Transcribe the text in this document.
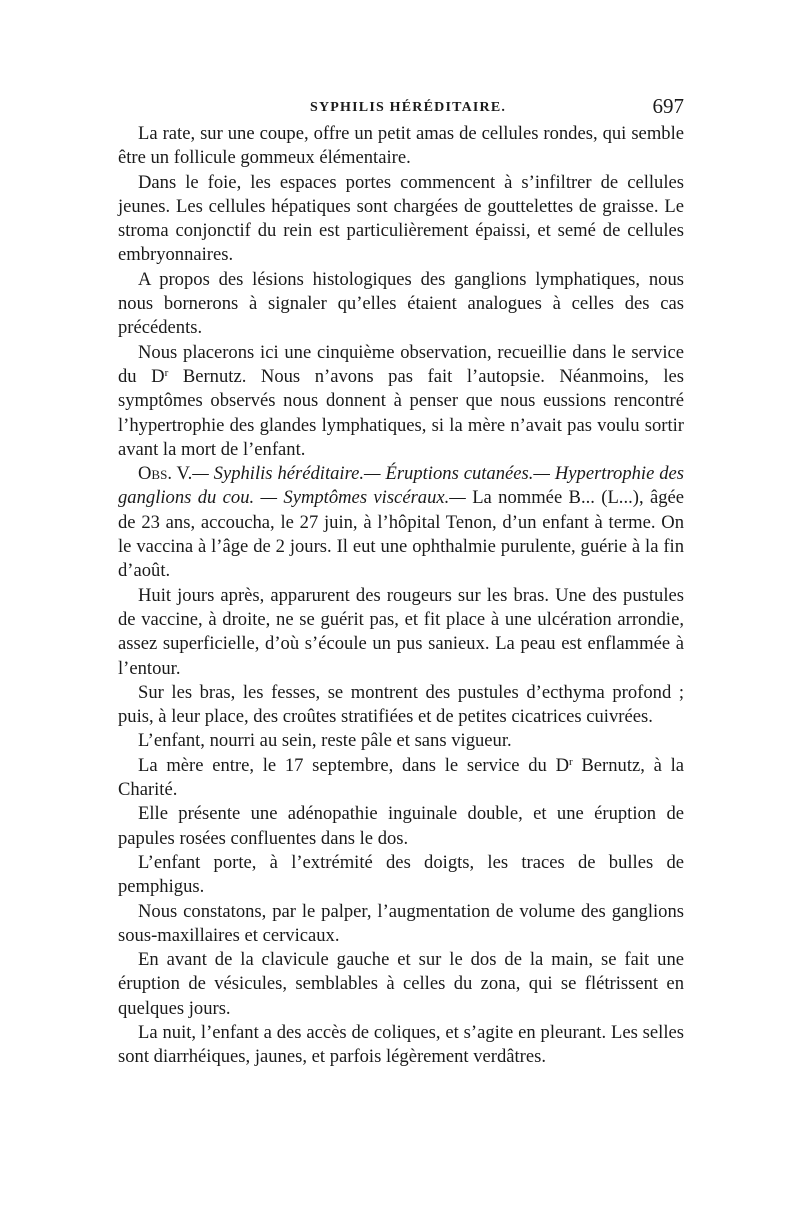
SYPHILIS HÉRÉDITAIRE.	697

La rate, sur une coupe, offre un petit amas de cellules rondes, qui semble être un follicule gommeux élémentaire.

Dans le foie, les espaces portes commencent à s’infiltrer de cellules jeunes. Les cellules hépatiques sont chargées de gouttelettes de graisse. Le stroma conjonctif du rein est particulièrement épaissi, et semé de cellules embryonnaires.

A propos des lésions histologiques des ganglions lymphatiques, nous nous bornerons à signaler qu’elles étaient analogues à celles des cas précédents.

Nous placerons ici une cinquième observation, recueillie dans le service du $D^r$ Bernutz. Nous n’avons pas fait l’autopsie. Néanmoins, les symptômes observés nous donnent à penser que nous eussions rencontré l’hypertrophie des glandes lymphatiques, si la mère n’avait pas voulu sortir avant la mort de l’enfant.

Obs. V.— Syphilis héréditaire.— Éruptions cutanées.— Hypertrophie des ganglions du cou. — Symptômes viscéraux.— La nommée B... (L...), âgée de 23 ans, accoucha, le 27 juin, à l’hôpital Tenon, d’un enfant à terme. On le vaccina à l’âge de 2 jours. Il eut une ophthalmie purulente, guérie à la fin d’août.

Huit jours après, apparurent des rougeurs sur les bras. Une des pustules de vaccine, à droite, ne se guérit pas, et fit place à une ulcération arrondie, assez superficielle, d’où s’écoule un pus sanieux. La peau est enflammée à l’entour.

Sur les bras, les fesses, se montrent des pustules d’ecthyma profond ; puis, à leur place, des croûtes stratifiées et de petites cicatrices cuivrées.

L’enfant, nourri au sein, reste pâle et sans vigueur.

La mère entre, le 17 septembre, dans le service du $D^r$ Bernutz, à la Charité.

Elle présente une adénopathie inguinale double, et une éruption de papules rosées confluentes dans le dos.

L’enfant porte, à l’extrémité des doigts, les traces de bulles de pemphigus.

Nous constatons, par le palper, l’augmentation de volume des ganglions sous-maxillaires et cervicaux.

En avant de la clavicule gauche et sur le dos de la main, se fait une éruption de vésicules, semblables à celles du zona, qui se flétrissent en quelques jours.

La nuit, l’enfant a des accès de coliques, et s’agite en pleurant. Les selles sont diarrhéiques, jaunes, et parfois légèrement verdâtres.
